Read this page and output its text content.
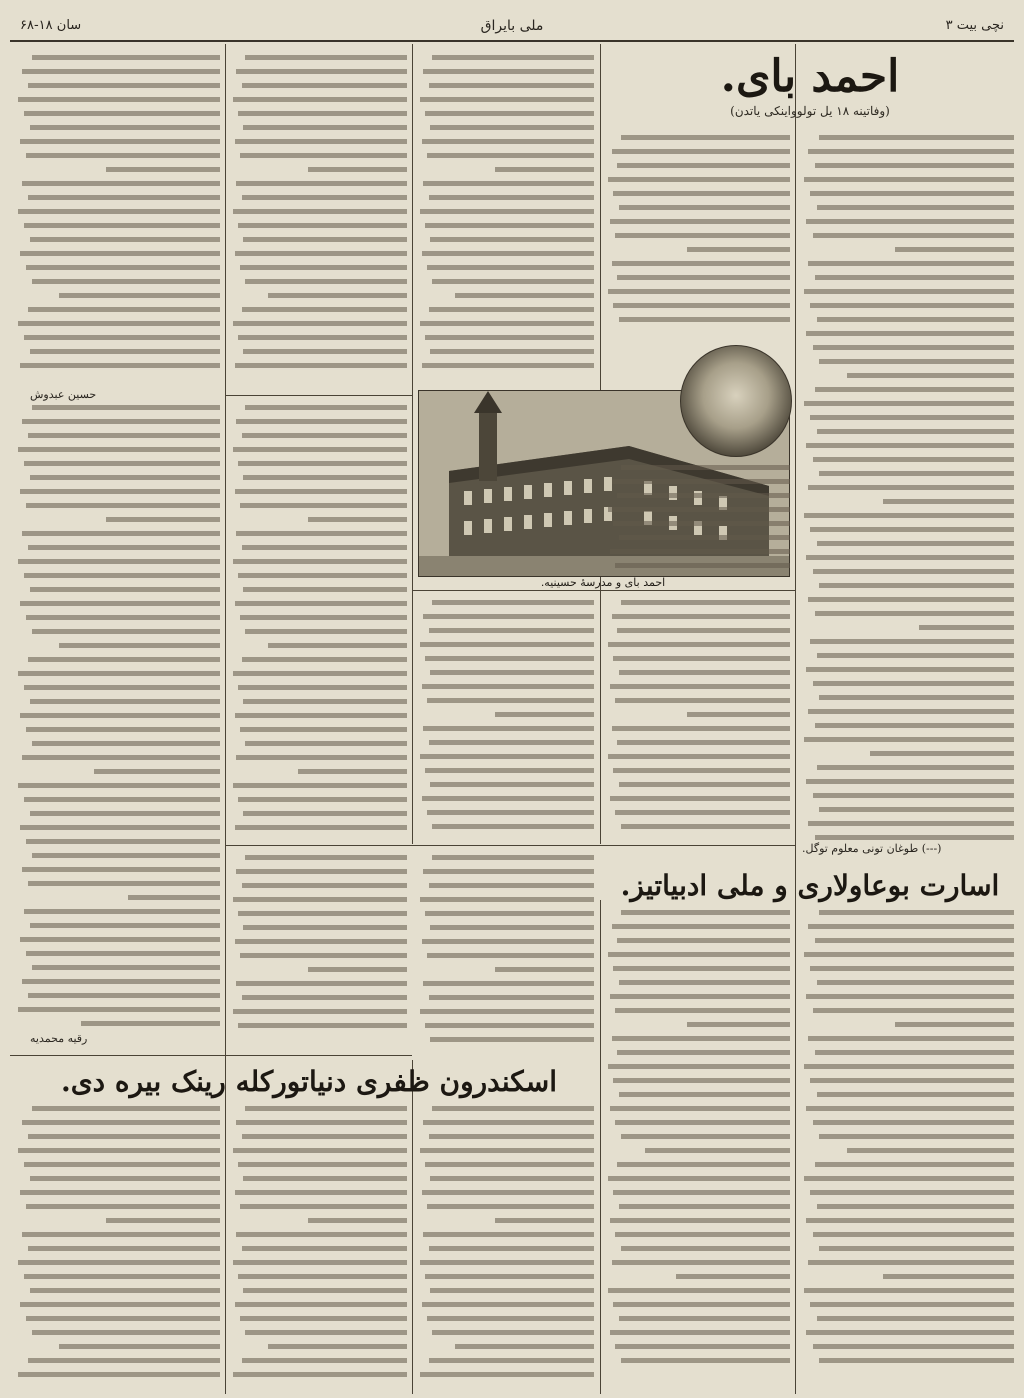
سان ۱۸-۶۸	ملی بایراق	۳ نچی بیت
احمد بای.
(وفاتینه ۱۸ یل تولوواینکی یاتدن)
اسارت بوعاولاری و ملی ادبیاتیز.
اسکندرون ظفری دنیاتورکله رینک بیره دی.
احمد بای و مدرسهٔ حسینیه.
حسین عبدوش
رقیه محمدیه
(---) طوغان تونی معلوم توگل.
